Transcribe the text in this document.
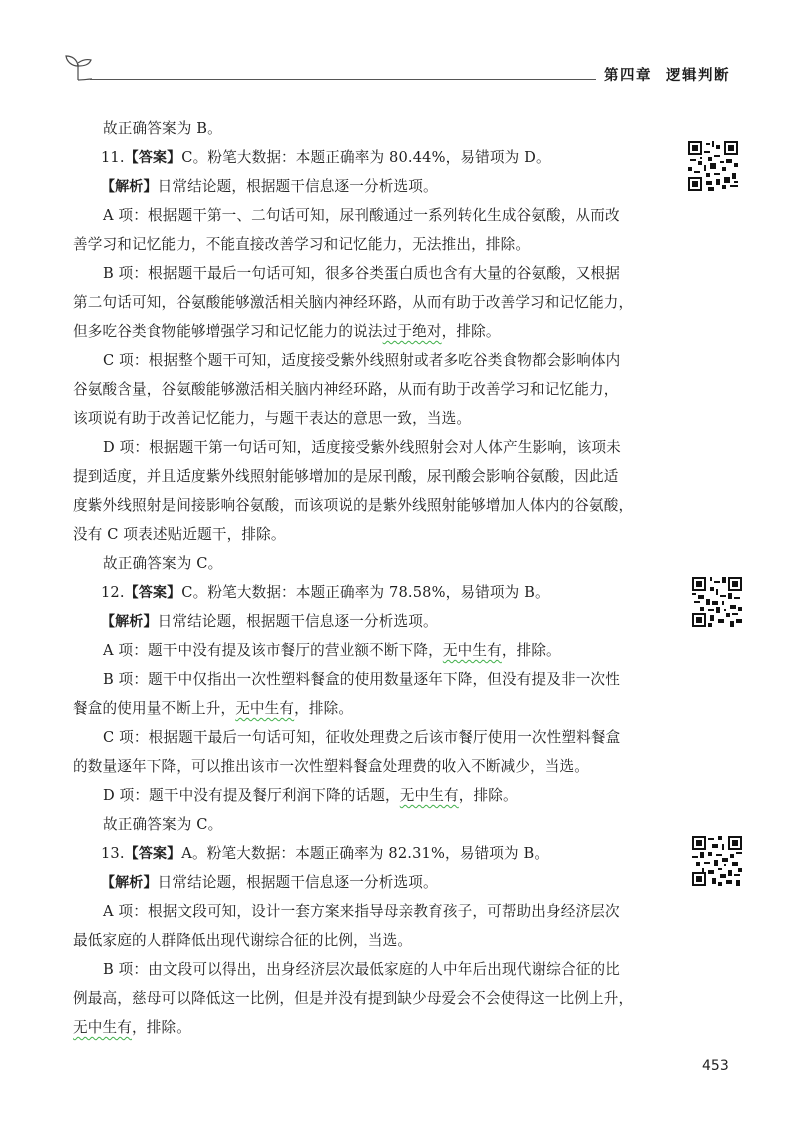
第四章 逻辑判断
故正确答案为 B。
11.【答案】C。粉笔大数据：本题正确率为 80.44%，易错项为 D。
【解析】日常结论题，根据题干信息逐一分析选项。
A 项：根据题干第一、二句话可知，尿刊酸通过一系列转化生成谷氨酸，从而改
善学习和记忆能力，不能直接改善学习和记忆能力，无法推出，排除。
B 项：根据题干最后一句话可知，很多谷类蛋白质也含有大量的谷氨酸，又根据
第二句话可知，谷氨酸能够激活相关脑内神经环路，从而有助于改善学习和记忆能力，
但多吃谷类食物能够增强学习和记忆能力的说法过于绝对，排除。
C 项：根据整个题干可知，适度接受紫外线照射或者多吃谷类食物都会影响体内
谷氨酸含量，谷氨酸能够激活相关脑内神经环路，从而有助于改善学习和记忆能力，
该项说有助于改善记忆能力，与题干表达的意思一致，当选。
D 项：根据题干第一句话可知，适度接受紫外线照射会对人体产生影响，该项未
提到适度，并且适度紫外线照射能够增加的是尿刊酸，尿刊酸会影响谷氨酸，因此适
度紫外线照射是间接影响谷氨酸，而该项说的是紫外线照射能够增加人体内的谷氨酸，
没有 C 项表述贴近题干，排除。
故正确答案为 C。
12.【答案】C。粉笔大数据：本题正确率为 78.58%，易错项为 B。
【解析】日常结论题，根据题干信息逐一分析选项。
A 项：题干中没有提及该市餐厅的营业额不断下降，无中生有，排除。
B 项：题干中仅指出一次性塑料餐盒的使用数量逐年下降，但没有提及非一次性
餐盒的使用量不断上升，无中生有，排除。
C 项：根据题干最后一句话可知，征收处理费之后该市餐厅使用一次性塑料餐盒
的数量逐年下降，可以推出该市一次性塑料餐盒处理费的收入不断减少，当选。
D 项：题干中没有提及餐厅利润下降的话题，无中生有，排除。
故正确答案为 C。
13.【答案】A。粉笔大数据：本题正确率为 82.31%，易错项为 B。
【解析】日常结论题，根据题干信息逐一分析选项。
A 项：根据文段可知，设计一套方案来指导母亲教育孩子，可帮助出身经济层次
最低家庭的人群降低出现代谢综合征的比例，当选。
B 项：由文段可以得出，出身经济层次最低家庭的人中年后出现代谢综合征的比
例最高，慈母可以降低这一比例，但是并没有提到缺少母爱会不会使得这一比例上升，
无中生有，排除。
453
